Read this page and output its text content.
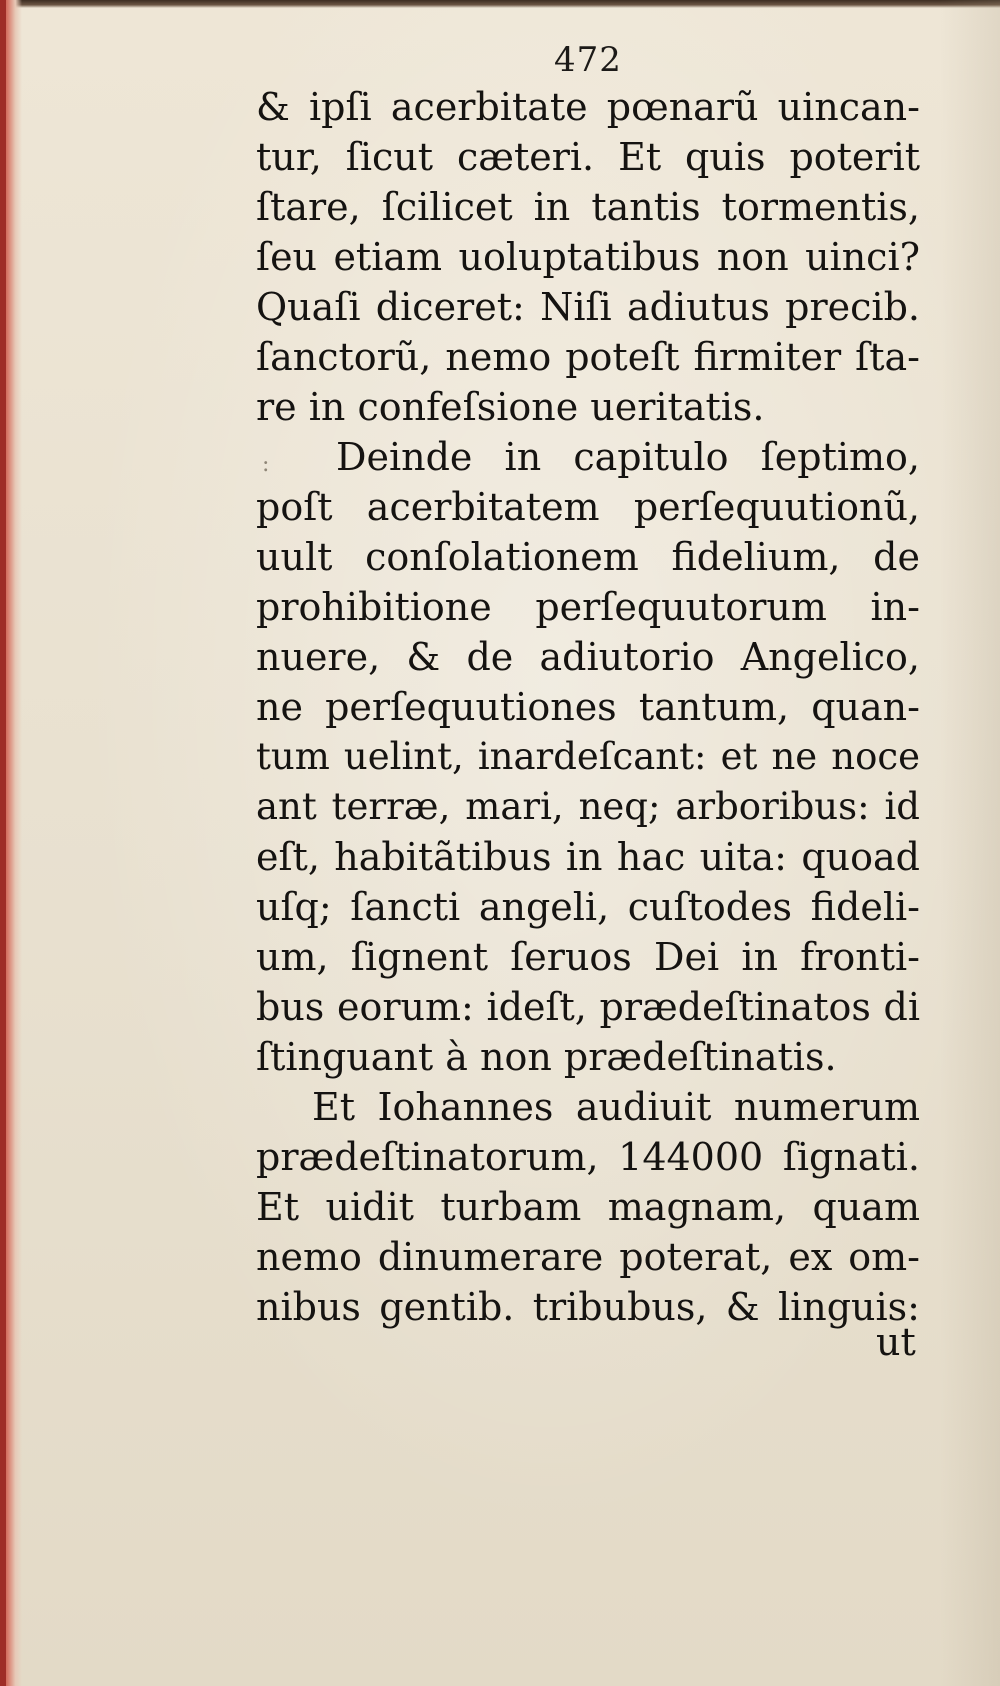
472
:
& ipſi acerbitate pœnarũ uincan-
tur, ſicut cæteri. Et quis poterit
ſtare, ſcilicet in tantis tormentis,
ſeu etiam uoluptatibus non uinci?
Quaſi diceret: Niſi adiutus precib.
ſanctorũ, nemo poteſt firmiter ſta-
re in confeſsione ueritatis.
Deinde in capitulo ſeptimo,
poſt acerbitatem perſequutionũ,
uult conſolationem fidelium, de
prohibitione perſequutorum in-
nuere, & de adiutorio Angelico,
ne perſequutiones tantum, quan-
tum uelint, inardeſcant: et ne noce
ant terræ, mari, neq; arboribus: id
eſt, habitãtibus in hac uita: quoad
uſq; ſancti angeli, cuſtodes fideli-
um, ſignent ſeruos Dei in fronti-
bus eorum: ideſt, prædeſtinatos di
ſtinguant à non prædeſtinatis.
Et Iohannes audiuit numerum
prædeſtinatorum, 144000 ſignati.
Et uidit turbam magnam, quam
nemo dinumerare poterat, ex om-
nibus gentib. tribubus, & linguis:
ut
